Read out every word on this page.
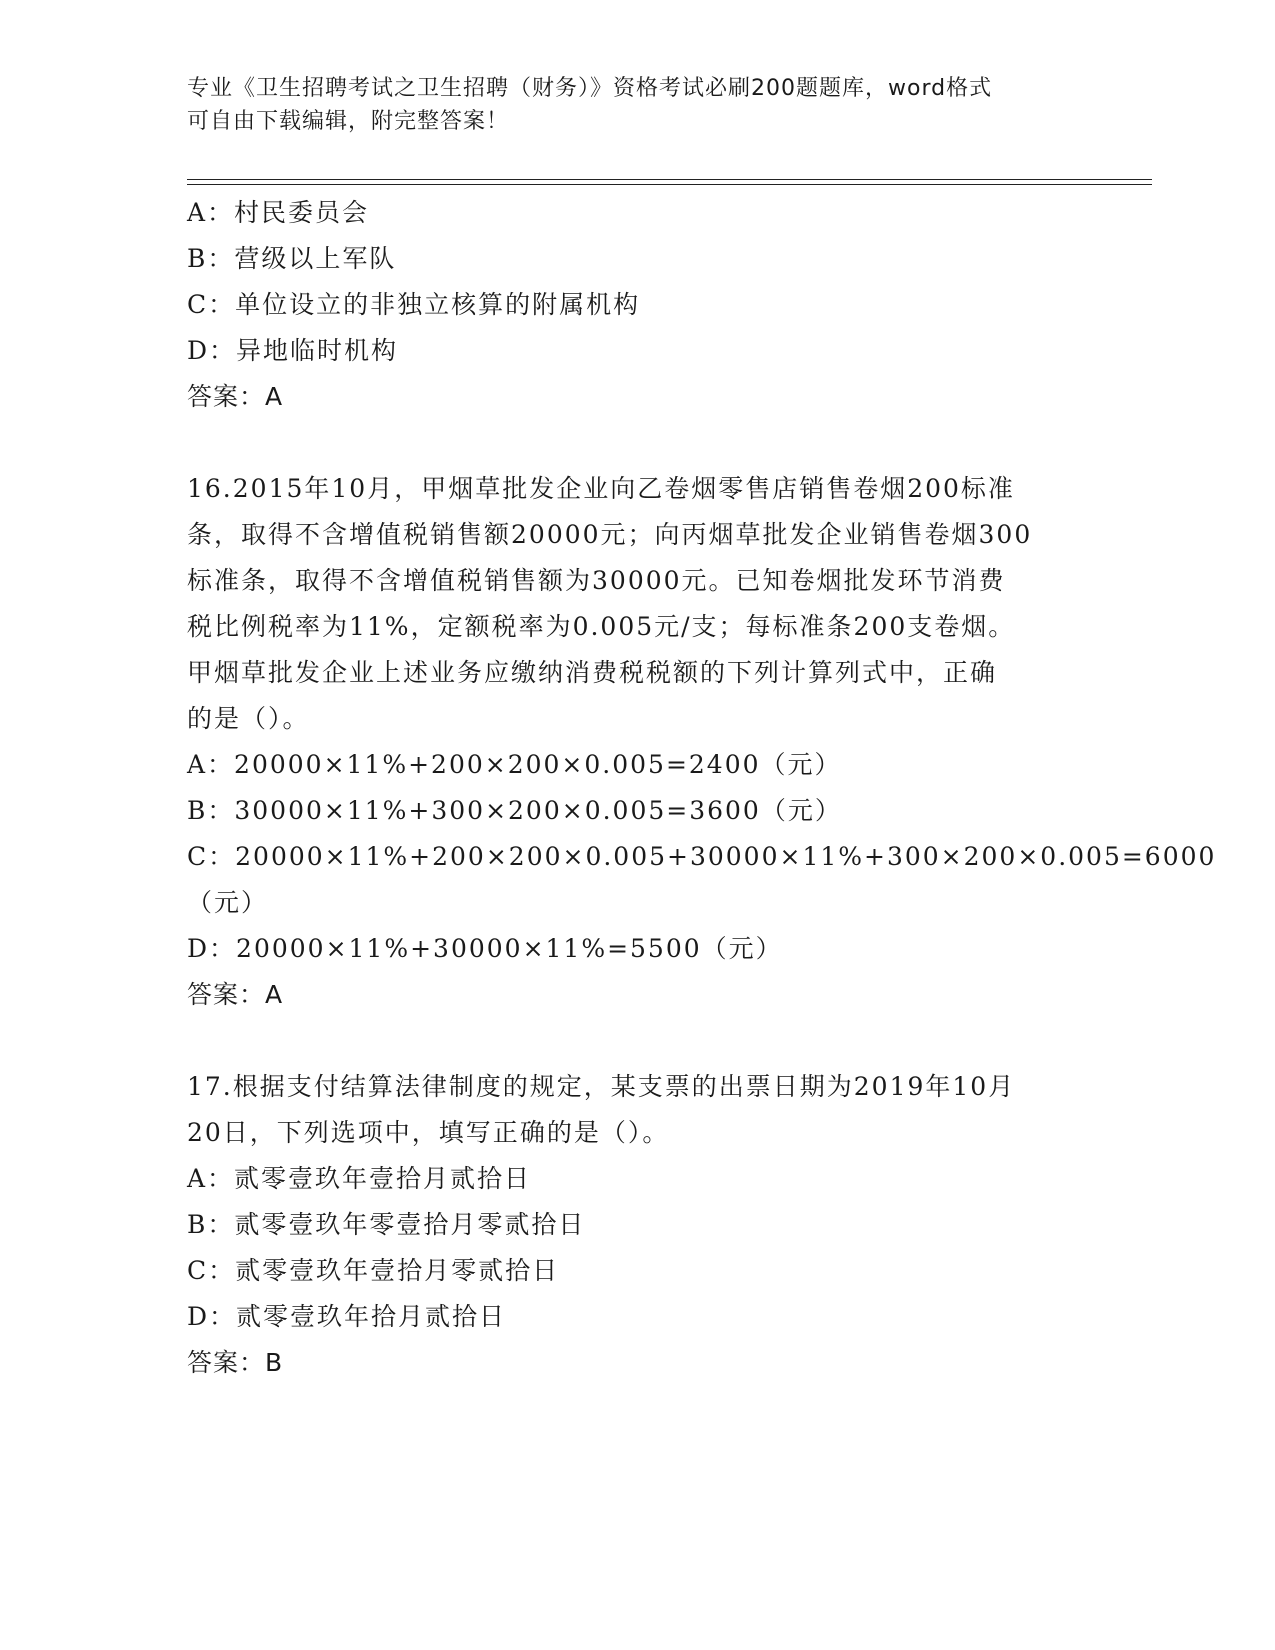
专业《卫生招聘考试之卫生招聘（财务）》资格考试必刷200题题库，word格式
可自由下载编辑，附完整答案！
A：村民委员会
B：营级以上军队
C：单位设立的非独立核算的附属机构
D：异地临时机构
答案：A
16.2015年10月，甲烟草批发企业向乙卷烟零售店销售卷烟200标准
条，取得不含增值税销售额20000元；向丙烟草批发企业销售卷烟300
标准条，取得不含增值税销售额为30000元。已知卷烟批发环节消费
税比例税率为11%，定额税率为0.005元/支；每标准条200支卷烟。
甲烟草批发企业上述业务应缴纳消费税税额的下列计算列式中，正确
的是（）。
A：20000×11%+200×200×0.005=2400（元）
B：30000×11%+300×200×0.005=3600（元）
C：20000×11%+200×200×0.005+30000×11%+300×200×0.005=6000
（元）
D：20000×11%+30000×11%=5500（元）
答案：A
17.根据支付结算法律制度的规定，某支票的出票日期为2019年10月
20日，下列选项中，填写正确的是（）。
A：贰零壹玖年壹拾月贰拾日
B：贰零壹玖年零壹拾月零贰拾日
C：贰零壹玖年壹拾月零贰拾日
D：贰零壹玖年拾月贰拾日
答案：B
